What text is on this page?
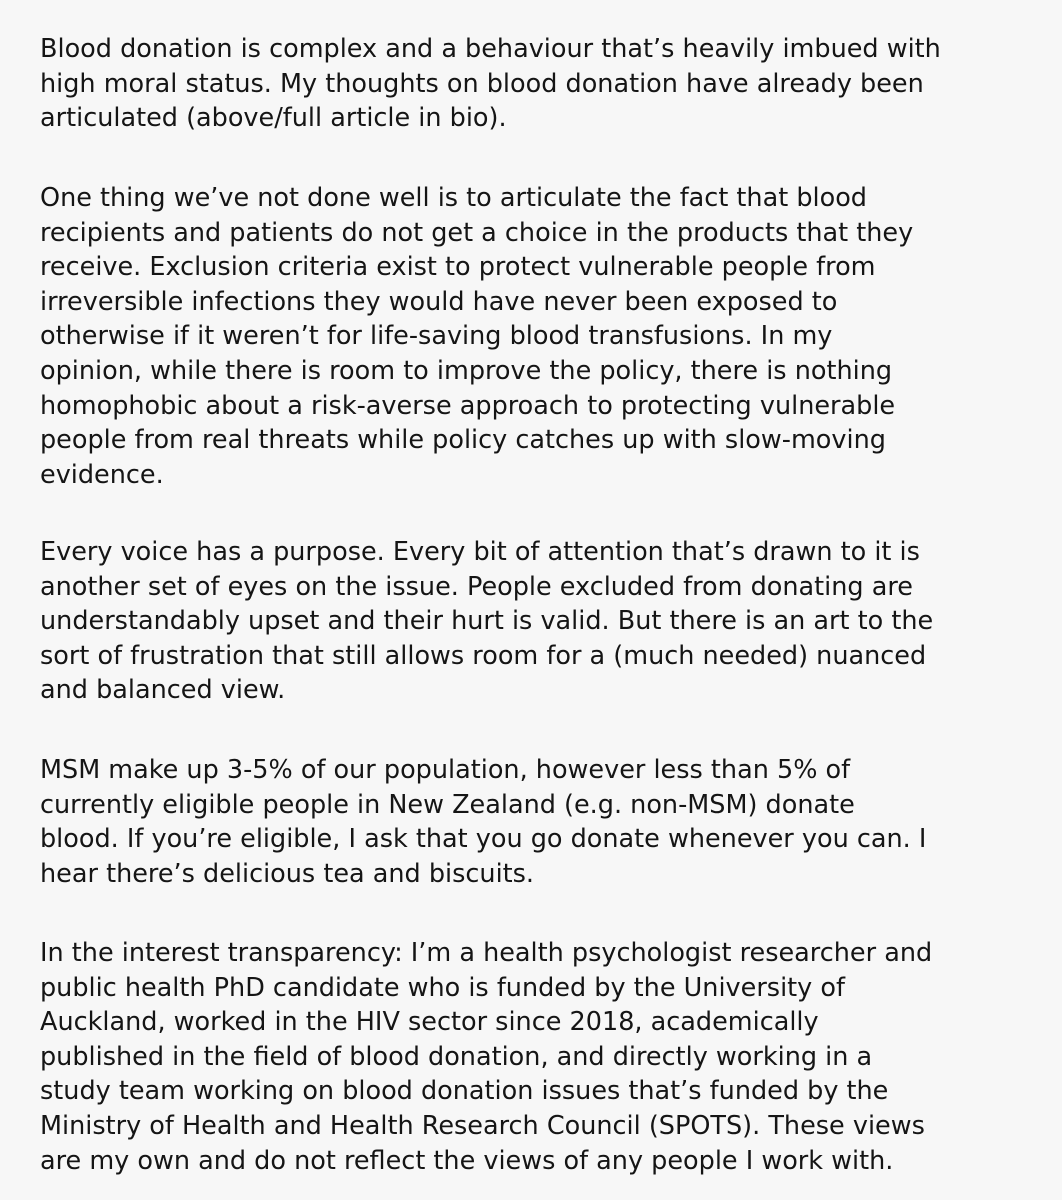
Blood donation is complex and a behaviour that’s heavily imbued with
high moral status. My thoughts on blood donation have already been
articulated (above/full article in bio).

One thing we’ve not done well is to articulate the fact that blood
recipients and patients do not get a choice in the products that they
receive. Exclusion criteria exist to protect vulnerable people from
irreversible infections they would have never been exposed to
otherwise if it weren’t for life-saving blood transfusions. In my
opinion, while there is room to improve the policy, there is nothing
homophobic about a risk-averse approach to protecting vulnerable
people from real threats while policy catches up with slow-moving
evidence.

Every voice has a purpose. Every bit of attention that’s drawn to it is
another set of eyes on the issue. People excluded from donating are
understandably upset and their hurt is valid. But there is an art to the
sort of frustration that still allows room for a (much needed) nuanced
and balanced view.

MSM make up 3-5% of our population, however less than 5% of
currently eligible people in New Zealand (e.g. non-MSM) donate
blood. If you’re eligible, I ask that you go donate whenever you can. I
hear there’s delicious tea and biscuits.

In the interest transparency: I’m a health psychologist researcher and
public health PhD candidate who is funded by the University of
Auckland, worked in the HIV sector since 2018, academically
published in the field of blood donation, and directly working in a
study team working on blood donation issues that’s funded by the
Ministry of Health and Health Research Council (SPOTS). These views
are my own and do not reflect the views of any people I work with.
